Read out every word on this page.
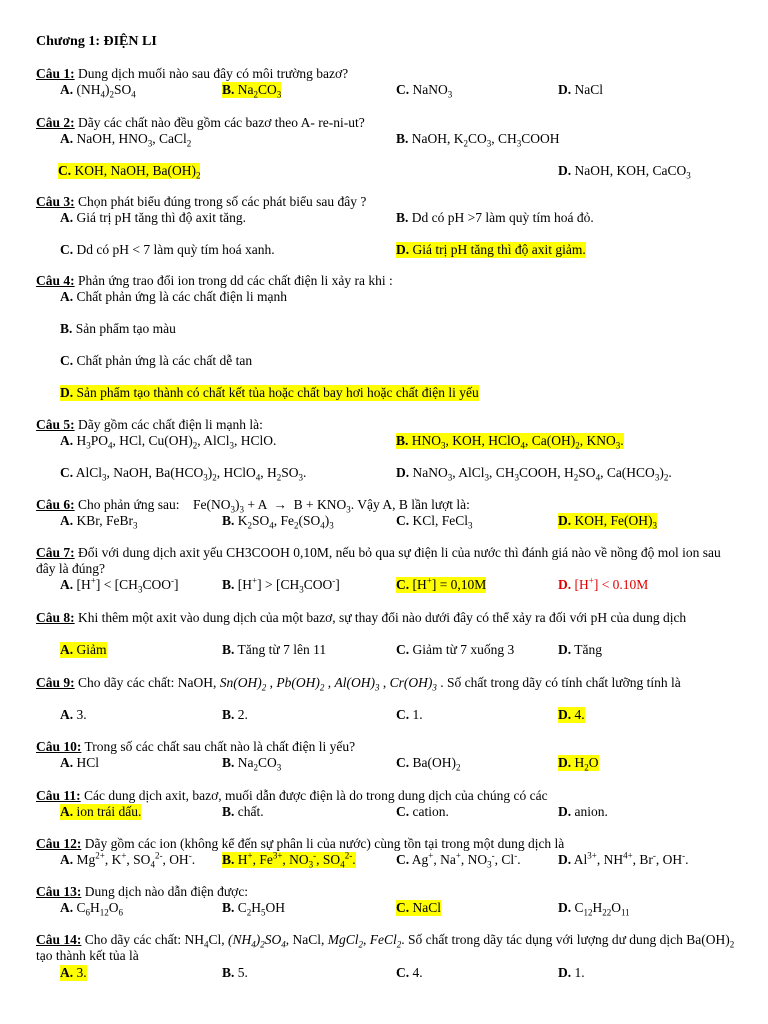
Chương 1: ĐIỆN LI
Câu 1: Dung dịch muối nào sau đây có môi trường bazơ?
A. $(NH_4)_2SO_4$	B. $Na_2CO_3$	C. NaNO$_3$	D. NaCl
Câu 2: Dãy các chất nào đều gồm các bazơ theo A- re-ni-ut?
A. NaOH, $HNO_3$, CaCl$_2$	B. NaOH, $K_2CO_3$, $CH_3COOH$
C. KOH, NaOH, $Ba(OH)_2$	D. NaOH, KOH, CaCO$_3$
Câu 3: Chọn phát biểu đúng trong số các phát biểu sau đây ?
A. Giá trị pH tăng thì độ axit tăng.	B. Dd có pH >7 làm quỳ tím hoá đỏ.
C. Dd có pH < 7 làm quỳ tím hoá xanh.	D. Giá trị pH tăng thì độ axit giảm.
Câu 4: Phản ứng trao đổi ion trong dd các chất điện li xảy ra khi :
A. Chất phản ứng là các chất điện li mạnh
B. Sản phẩm tạo màu
C. Chất phản ứng là các chất dễ tan
D. Sản phẩm tạo thành có chất kết tủa hoặc chất bay hơi hoặc chất điện li yếu
Câu 5: Dãy gồm các chất điện li mạnh là:
A. $H_3PO_4$, HCl, $Cu(OH)_2$, AlCl$_3$, HClO.	B. $HNO_3$, KOH, HClO$_4$, $Ca(OH)_2$, $KNO_3$.
C. AlCl$_3$, NaOH, $Ba(HCO_3)_2$, HClO$_4$, $H_2SO_3$.	D. NaNO$_3$, AlCl$_3$, $CH_3COOH$, $H_2SO_4$, $Ca(HCO_3)_2$.
Câu 6: Cho phản ứng sau:    $Fe(NO_3)_3 + A \to B + KNO_3$. Vậy A, B lần lượt là:
A. KBr, FeBr$_3$	B. $K_2SO_4$, $Fe_2(SO_4)_3$	C. KCl, FeCl$_3$	D. KOH, $Fe(OH)_3$
Câu 7: Đối với dung dịch axit yếu CH3COOH 0,10M, nếu bỏ qua sự điện li của nước thì đánh giá nào về nồng độ mol ion sau đây là đúng?
A. $[H^+] < [CH_3COO^-]$	B. $[H^+] > [CH_3COO^-]$	C. [H+] = 0,10M	D. [H+] < 0.10M
Câu 8: Khi thêm một axit vào dung dịch của một bazơ, sự thay đổi nào dưới đây có thể xảy ra đối với pH của dung dịch
A. Giảm	B. Tăng từ 7 lên 11	C. Giảm từ 7 xuống 3	D. Tăng
Câu 9: Cho dãy các chất: NaOH, $Sn(OH)_2$ , $Pb(OH)_2$ , $Al(OH)_3$ , $Cr(OH)_3$ . Số chất trong dãy có tính chất lưỡng tính là
A. 3.	B. 2.	C. 1.	D. 4.
Câu 10: Trong số các chất sau chất nào là chất điện li yếu?
A. HCl	B. $Na_2CO_3$	C. $Ba(OH)_2$	D. $H_2O$
Câu 11: Các dung dịch axit, bazơ, muối dẫn được điện là do trong dung dịch của chúng có các
A. ion trái dấu.	B. chất.	C. cation.	D. anion.
Câu 12: Dãy gồm các ion (không kể đến sự phân li của nước) cùng tồn tại trong một dung dịch là
A. $Mg^{2+}$, K+, $SO_4^{2-}$, OH-. B. H+, $Fe^{3+}$, $NO_3^-$, $SO_4^{2-}$.	C. Ag+, Na+, $NO_3^-$, Cl-.	D. $Al^{3+}$, $NH^{4+}$, Br-, OH-.
Câu 13: Dung dịch nào dẫn điện được:
A. $C_6H_{12}O_6$	B. $C_2H_5OH$	C. NaCl	D. $C_{12}H_{22}O_{11}$
Câu 14: Cho dãy các chất: $NH_4Cl$, $(NH_4)_2SO_4$, NaCl, MgCl$_2$, FeCl$_2$. Số chất trong dãy tác dụng với lượng dư dung dịch $Ba(OH)_2$ tạo thành kết tủa là
A. 3.	B. 5.	C. 4.	D. 1.
